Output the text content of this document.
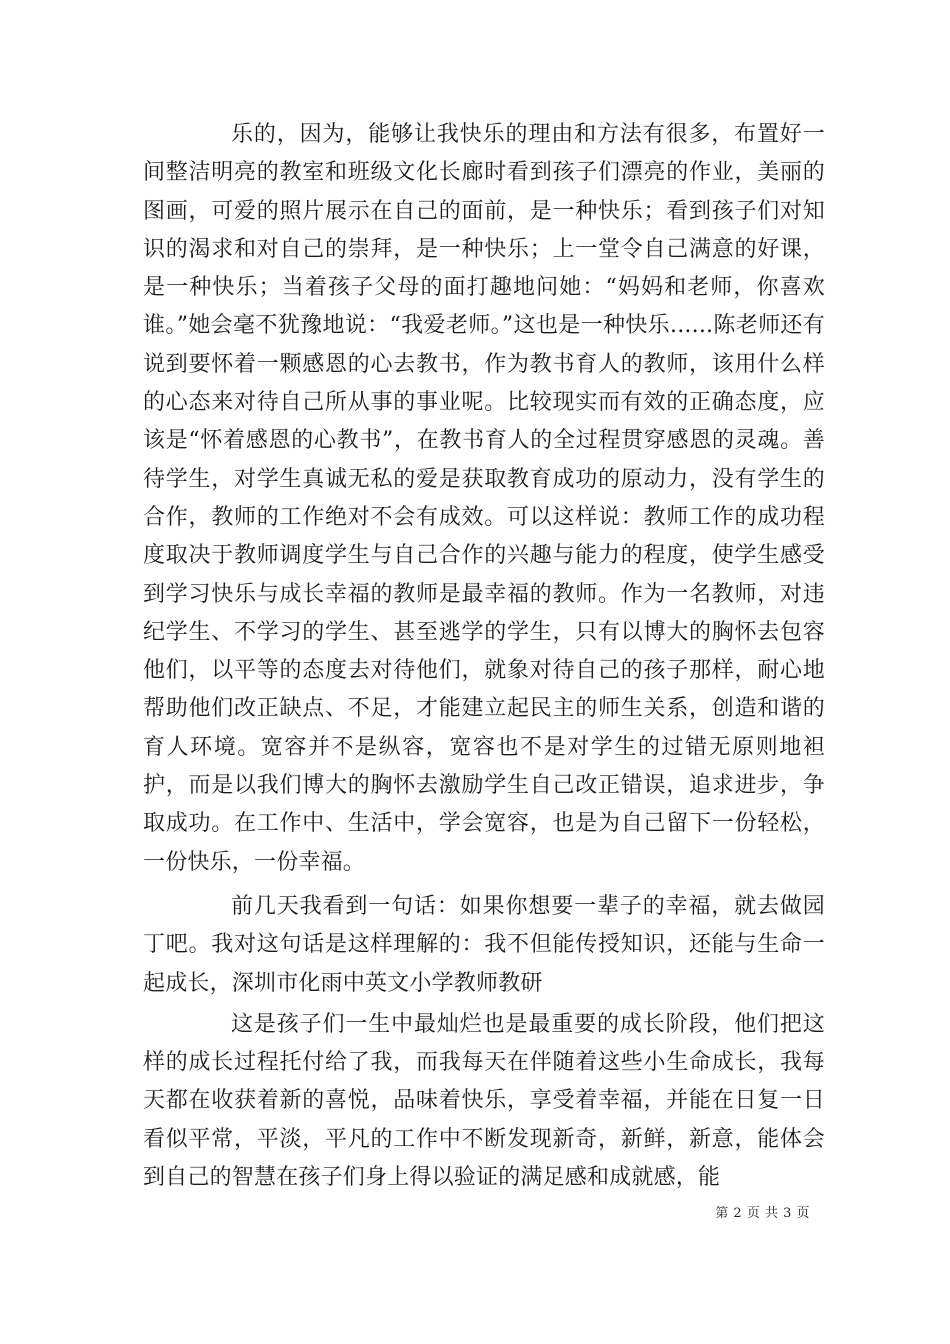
乐的，因为，能够让我快乐的理由和方法有很多，布置好一间整洁明亮的教室和班级文化长廊时看到孩子们漂亮的作业，美丽的图画，可爱的照片展示在自己的面前，是一种快乐；看到孩子们对知识的渴求和对自己的崇拜，是一种快乐；上一堂令自己满意的好课，是一种快乐；当着孩子父母的面打趣地问她：“妈妈和老师，你喜欢谁。”她会毫不犹豫地说：“我爱老师。”这也是一种快乐......陈老师还有说到要怀着一颗感恩的心去教书，作为教书育人的教师，该用什么样的心态来对待自己所从事的事业呢。比较现实而有效的正确态度，应该是“怀着感恩的心教书”，在教书育人的全过程贯穿感恩的灵魂。善待学生，对学生真诚无私的爱是获取教育成功的原动力，没有学生的合作，教师的工作绝对不会有成效。可以这样说：教师工作的成功程度取决于教师调度学生与自己合作的兴趣与能力的程度，使学生感受到学习快乐与成长幸福的教师是最幸福的教师。作为一名教师，对违纪学生、不学习的学生、甚至逃学的学生，只有以博大的胸怀去包容他们，以平等的态度去对待他们，就象对待自己的孩子那样，耐心地帮助他们改正缺点、不足，才能建立起民主的师生关系，创造和谐的育人环境。宽容并不是纵容，宽容也不是对学生的过错无原则地袒护，而是以我们博大的胸怀去激励学生自己改正错误，追求进步，争取成功。在工作中、生活中，学会宽容，也是为自己留下一份轻松，一份快乐，一份幸福。

前几天我看到一句话：如果你想要一辈子的幸福，就去做园丁吧。我对这句话是这样理解的：我不但能传授知识，还能与生命一起成长，深圳市化雨中英文小学教师教研

这是孩子们一生中最灿烂也是最重要的成长阶段，他们把这样的成长过程托付给了我，而我每天在伴随着这些小生命成长，我每天都在收获着新的喜悦，品味着快乐，享受着幸福，并能在日复一日看似平常，平淡，平凡的工作中不断发现新奇，新鲜，新意，能体会到自己的智慧在孩子们身上得以验证的满足感和成就感，能

第 2 页 共 3 页
